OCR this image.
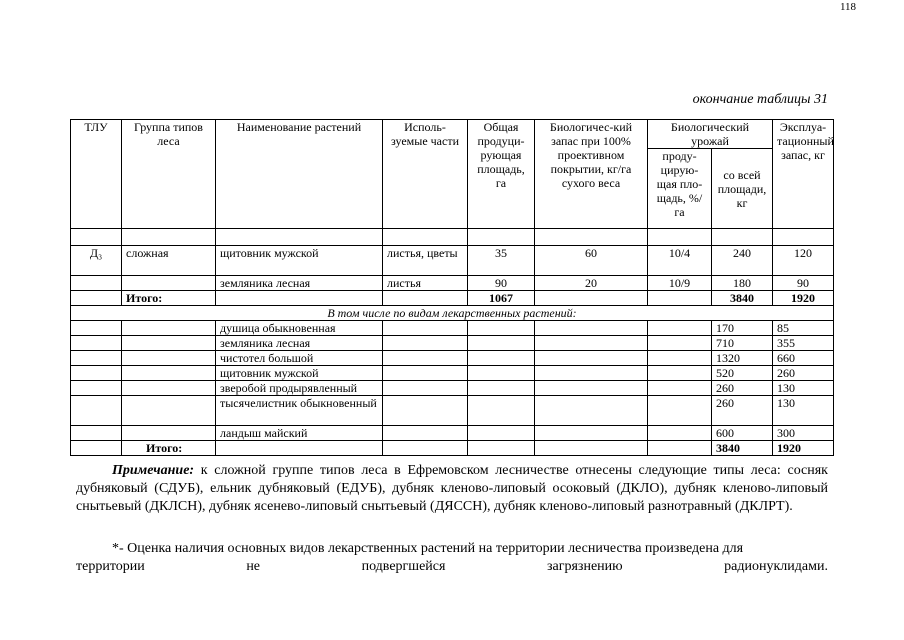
118
окончание таблицы 31
ТЛУ	Группа типов леса	Наименование растений	Исполь-зуемые части	Общая продуци-рующая площадь, га	Биологичес-кий запас при 100% проективном покрытии, кг/га сухого веса	Биологический урожай		Эксплуа-тационный запас, кг
						проду-цирую-щая пло-щадь, %/га	со всей площади, кг	

Д₃	сложная	щитовник мужской	листья, цветы	35	60	10/4	240	120
		земляника лесная	листья	90	20	10/9	180	90
	Итого:			1067			3840	1920
В том числе по видам лекарственных растений:								
		душица обыкновенная					170	85
		земляника лесная					710	355
		чистотел большой					1320	660
		щитовник мужской					520	260
		зверобой продырявленный					260	130
		тысячелистник обыкновенный					260	130
		ландыш майский					600	300
	Итого:						3840	1920

Примечание: к сложной группе типов леса в Ефремовском лесничестве отнесены следующие типы леса: сосняк дубняковый (СДУБ), ельник дубняковый (ЕДУБ), дубняк кленово-липовый осоковый (ДКЛО), дубняк кленово-липовый снытьевый (ДКЛСН), дубняк ясенево-липовый снытьевый (ДЯССН), дубняк кленово-липовый разнотравный (ДКЛРТ).

*- Оценка наличия основных видов лекарственных растений на территории лесничества произведена для
территории	не	подвергшейся	загрязнению	радионуклидами.
